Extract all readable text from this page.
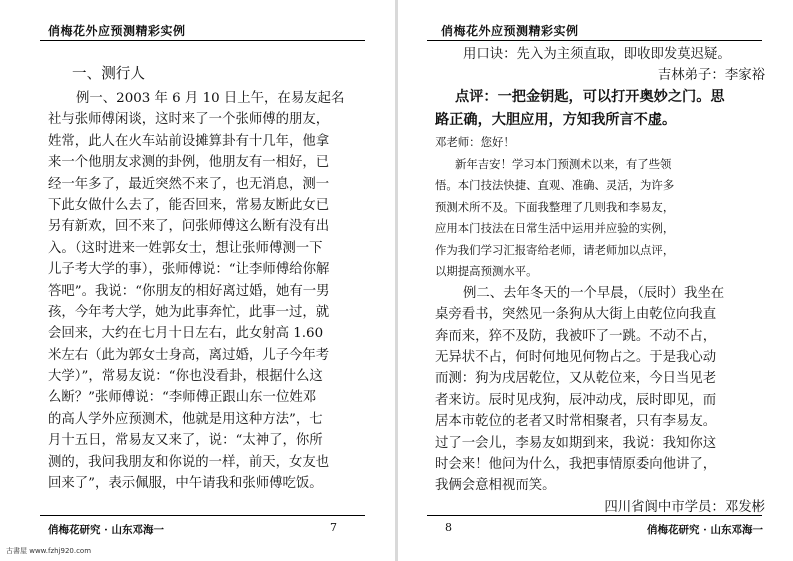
俏梅花外应预测精彩实例
一、测行人
例一、2003 年 6 月 10 日上午，在易友起名
社与张师傅闲谈，这时来了一个张师傅的朋友，
姓常，此人在火车站前设摊算卦有十几年，他拿
来一个他朋友求测的卦例，他朋友有一相好，已
经一年多了，最近突然不来了，也无消息，测一
下此女做什么去了，能否回来，常易友断此女已
另有新欢，回不来了，问张师傅这么断有没有出
入。（这时进来一姓郭女士，想让张师傅测一下
儿子考大学的事），张师傅说：“让李师傅给你解
答吧”。我说：“你朋友的相好离过婚，她有一男
孩，今年考大学，她为此事奔忙，此事一过，就
会回来，大约在七月十日左右，此女射高 1.60
米左右（此为郭女士身高，离过婚，儿子今年考
大学）”，常易友说：“你也没看卦，根据什么这
么断？”张师傅说：“李师傅正跟山东一位姓邓
的高人学外应预测术，他就是用这种方法”，七
月十五日，常易友又来了，说：“太神了，你所
测的，我问我朋友和你说的一样，前天，女友也
回来了”，表示佩服，中午请我和张师傅吃饭。
俏梅花研究 · 山东邓海一	7
古書屋 www.fzhj920.com
俏梅花外应预测精彩实例
用口诀：先入为主须直取，即收即发莫迟疑。
吉林弟子：李家裕
点评：一把金钥匙，可以打开奥妙之门。思
路正确，大胆应用，方知我所言不虚。
邓老师：您好！
新年吉安！学习本门预测术以来，有了些领
悟。本门技法快捷、直观、准确、灵活，为许多
预测术所不及。下面我整理了几则我和李易友，
应用本门技法在日常生活中运用并应验的实例，
作为我们学习汇报寄给老师，请老师加以点评，
以期提高预测水平。
例二、去年冬天的一个早晨，（辰时）我坐在
桌旁看书，突然见一条狗从大街上由乾位向我直
奔而来，猝不及防，我被吓了一跳。不动不占，
无异状不占，何时何地见何物占之。于是我心动
而测：狗为戌居乾位，又从乾位来，今日当见老
者来访。辰时见戌狗，辰冲动戌，辰时即见，而
居本市乾位的老者又时常相聚者，只有李易友。
过了一会儿，李易友如期到来，我说：我知你这
时会来！他问为什么，我把事情原委向他讲了，
我俩会意相视而笑。
四川省阆中市学员：邓发彬
8	俏梅花研究 · 山东邓海一
